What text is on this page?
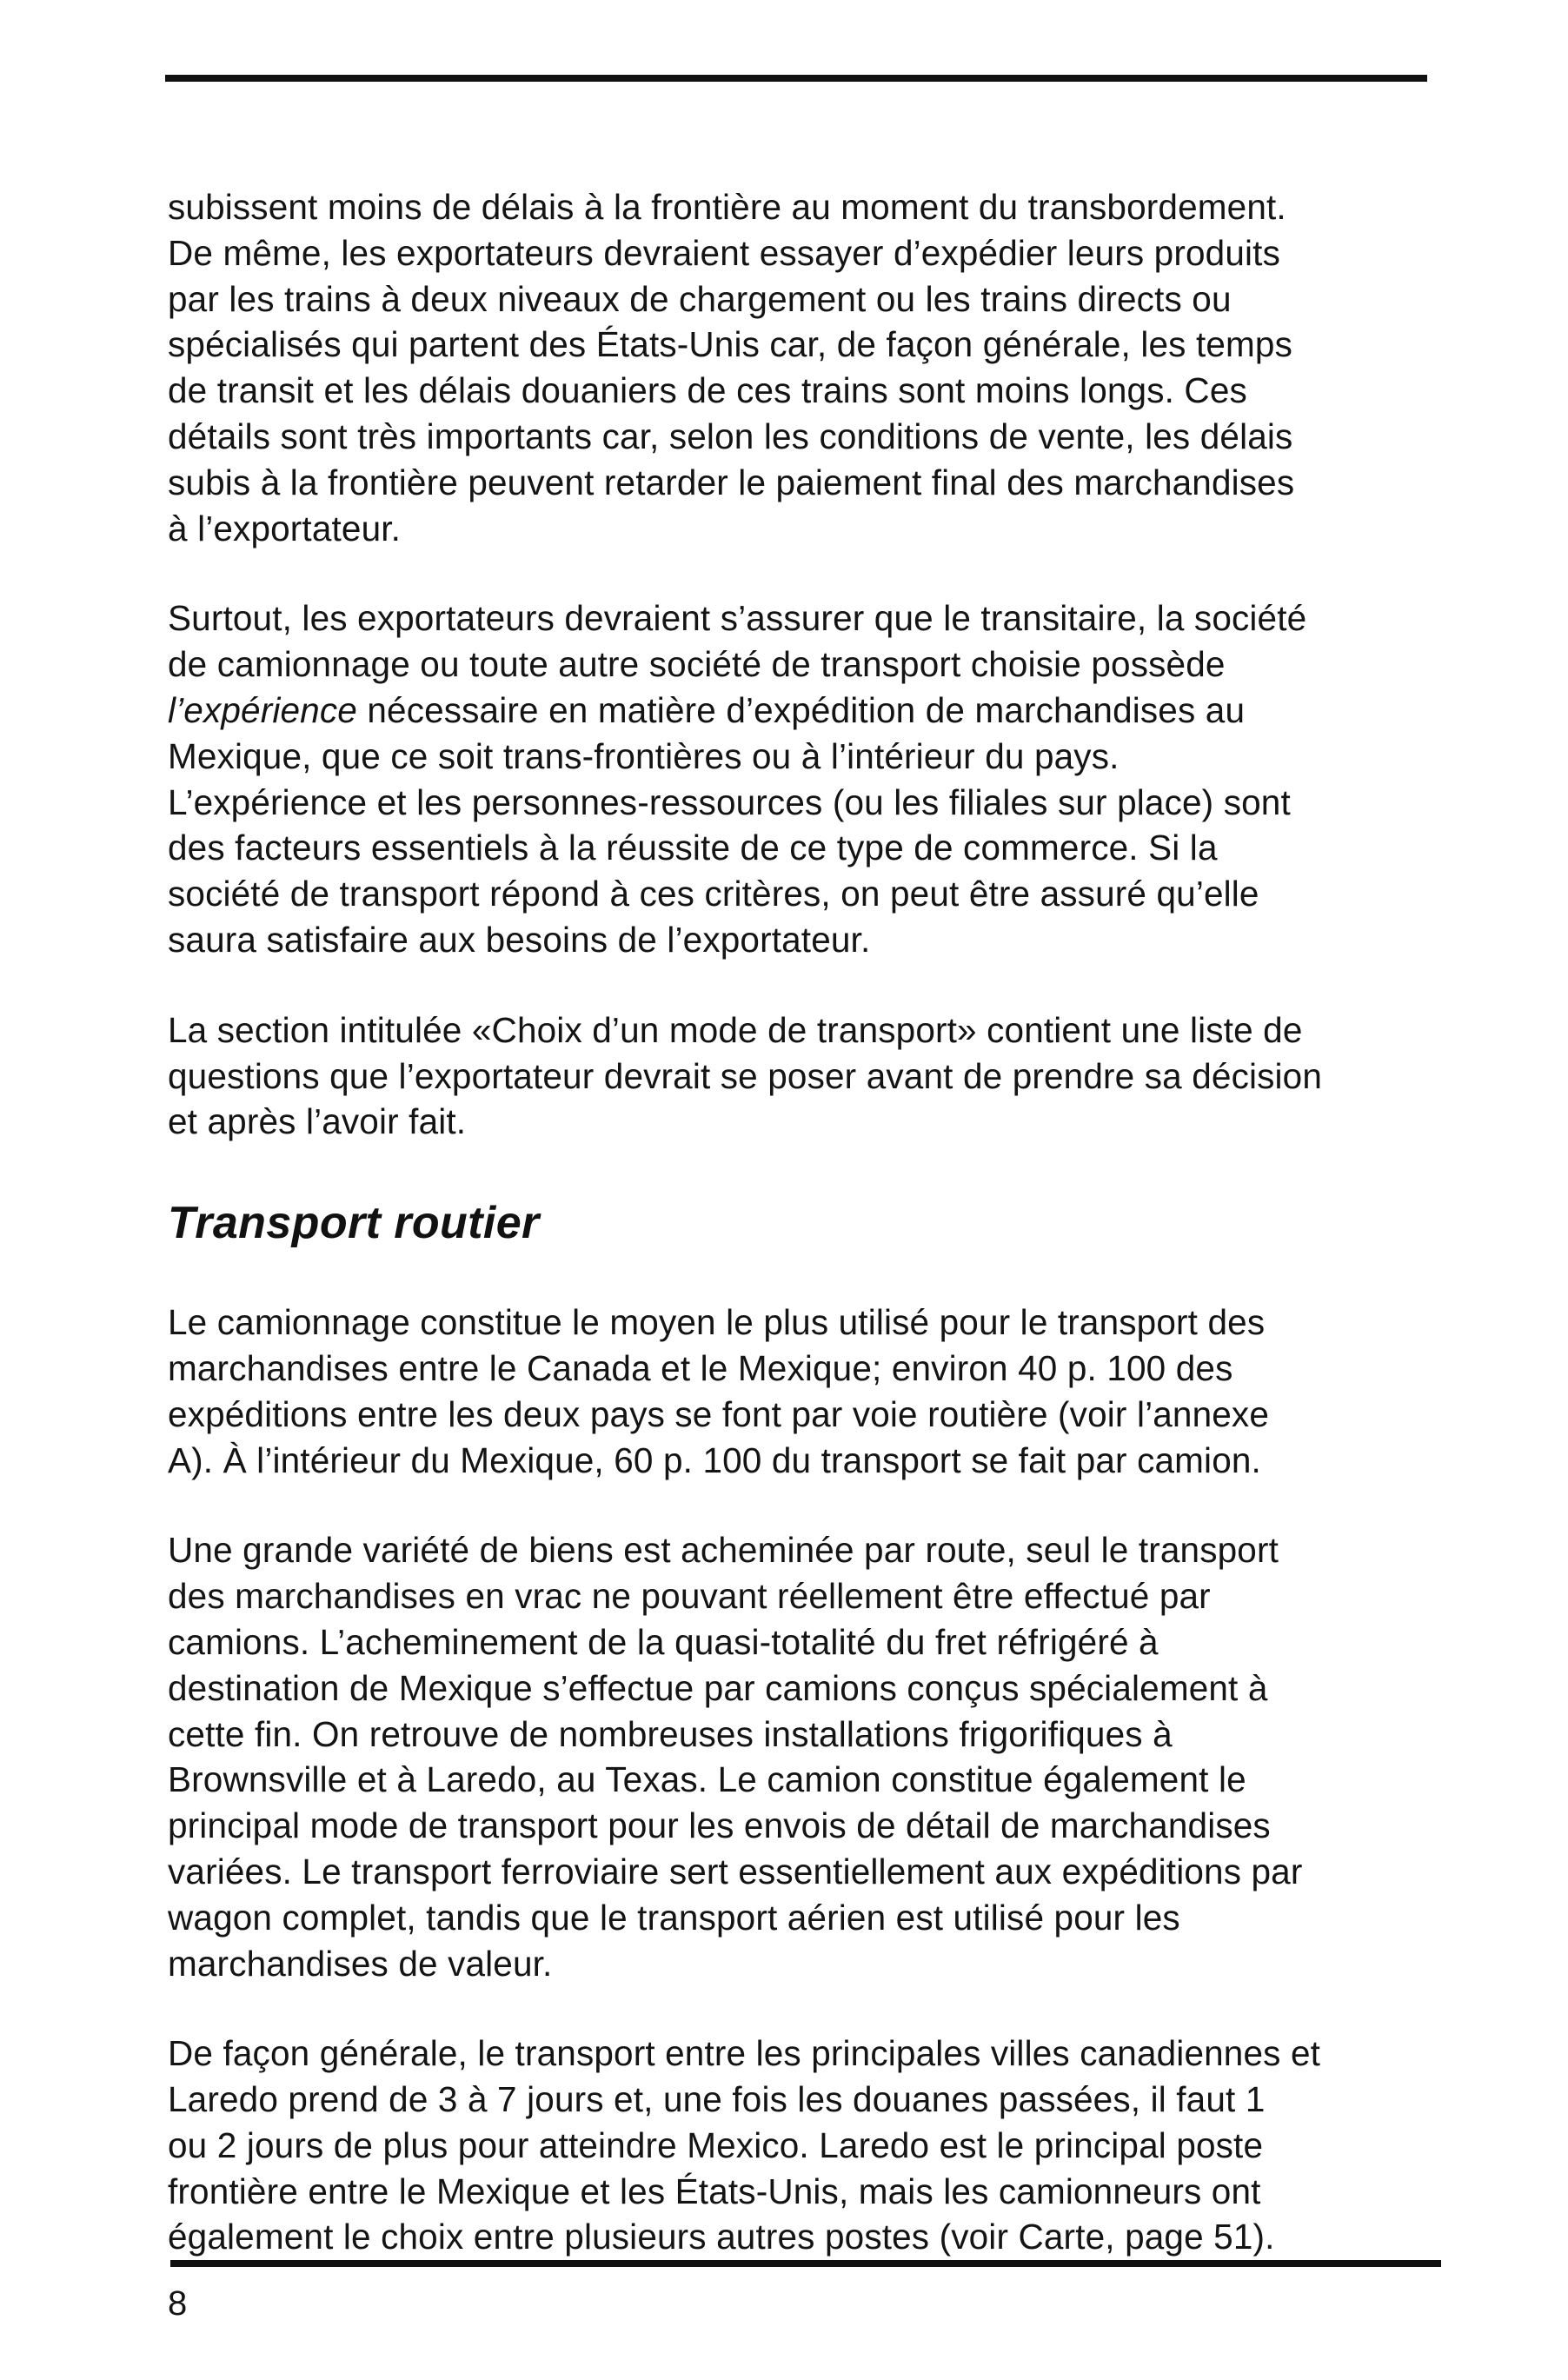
subissent moins de délais à la frontière au moment du transbordement.
De même, les exportateurs devraient essayer d’expédier leurs produits
par les trains à deux niveaux de chargement ou les trains directs ou
spécialisés qui partent des États-Unis car, de façon générale, les temps
de transit et les délais douaniers de ces trains sont moins longs. Ces
détails sont très importants car, selon les conditions de vente, les délais
subis à la frontière peuvent retarder le paiement final des marchandises
à l’exportateur.

Surtout, les exportateurs devraient s’assurer que le transitaire, la société
de camionnage ou toute autre société de transport choisie possède
l’expérience nécessaire en matière d’expédition de marchandises au
Mexique, que ce soit trans-frontières ou à l’intérieur du pays.
L’expérience et les personnes-ressources (ou les filiales sur place) sont
des facteurs essentiels à la réussite de ce type de commerce. Si la
société de transport répond à ces critères, on peut être assuré qu’elle
saura satisfaire aux besoins de l’exportateur.

La section intitulée «Choix d’un mode de transport» contient une liste de
questions que l’exportateur devrait se poser avant de prendre sa décision
et après l’avoir fait.

Transport routier

Le camionnage constitue le moyen le plus utilisé pour le transport des
marchandises entre le Canada et le Mexique; environ 40 p. 100 des
expéditions entre les deux pays se font par voie routière (voir l’annexe
A). À l’intérieur du Mexique, 60 p. 100 du transport se fait par camion.

Une grande variété de biens est acheminée par route, seul le transport
des marchandises en vrac ne pouvant réellement être effectué par
camions. L’acheminement de la quasi-totalité du fret réfrigéré à
destination de Mexique s’effectue par camions conçus spécialement à
cette fin. On retrouve de nombreuses installations frigorifiques à
Brownsville et à Laredo, au Texas. Le camion constitue également le
principal mode de transport pour les envois de détail de marchandises
variées. Le transport ferroviaire sert essentiellement aux expéditions par
wagon complet, tandis que le transport aérien est utilisé pour les
marchandises de valeur.

De façon générale, le transport entre les principales villes canadiennes et
Laredo prend de 3 à 7 jours et, une fois les douanes passées, il faut 1
ou 2 jours de plus pour atteindre Mexico. Laredo est le principal poste
frontière entre le Mexique et les États-Unis, mais les camionneurs ont
également le choix entre plusieurs autres postes (voir Carte, page 51).

8
